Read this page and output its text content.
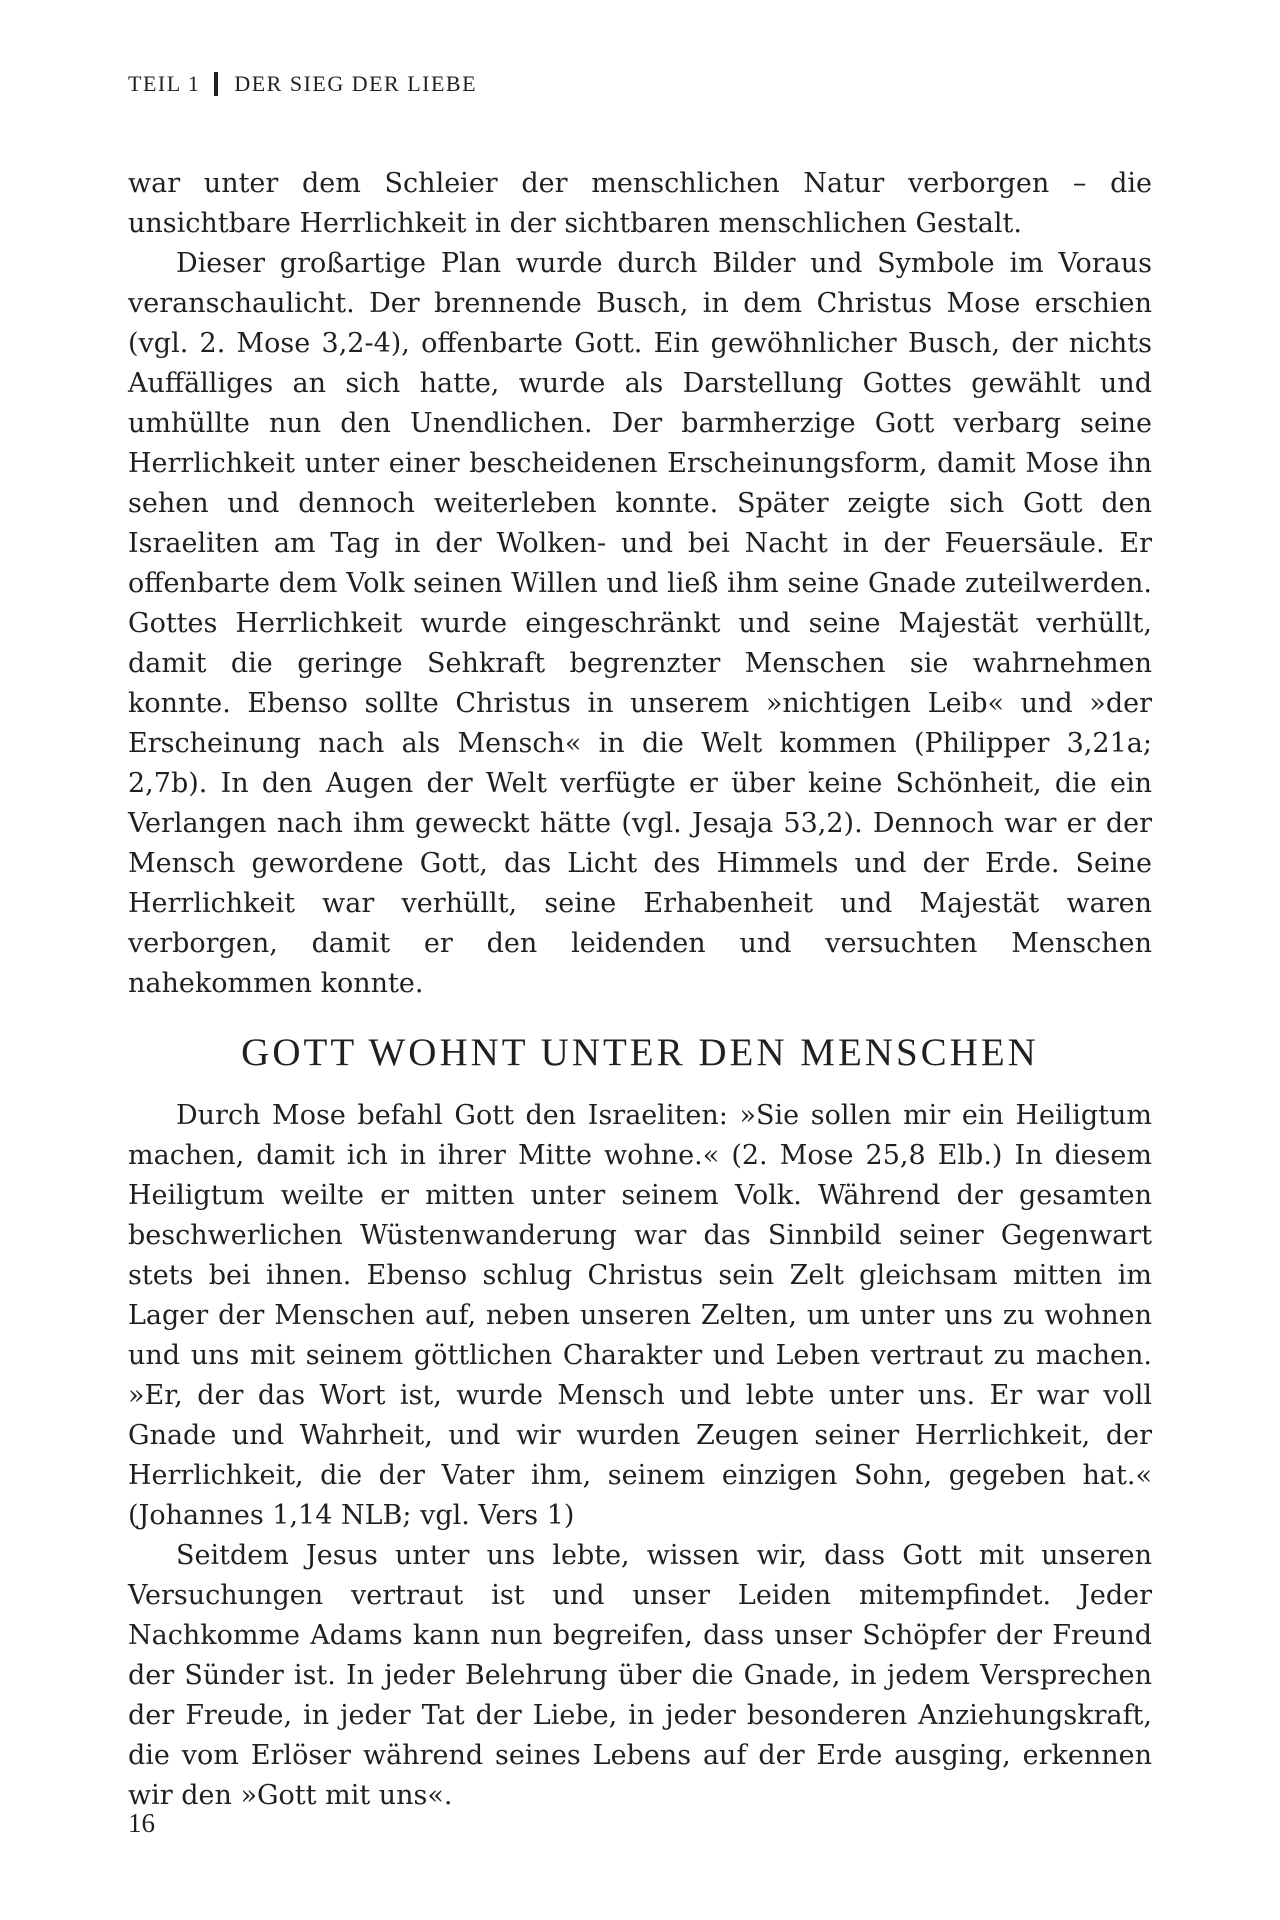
TEIL 1 DER SIEG DER LIEBE

war unter dem Schleier der menschlichen Natur verborgen – die unsichtbare Herrlichkeit in der sichtbaren menschlichen Gestalt.

Dieser großartige Plan wurde durch Bilder und Symbole im Voraus veranschaulicht. Der brennende Busch, in dem Christus Mose erschien (vgl. 2. Mose 3,2-4), offenbarte Gott. Ein gewöhnlicher Busch, der nichts Auffälliges an sich hatte, wurde als Darstellung Gottes gewählt und umhüllte nun den Unendlichen. Der barmherzige Gott verbarg seine Herrlichkeit unter einer bescheidenen Erscheinungsform, damit Mose ihn sehen und dennoch weiterleben konnte. Später zeigte sich Gott den Israeliten am Tag in der Wolken- und bei Nacht in der Feuersäule. Er offenbarte dem Volk seinen Willen und ließ ihm seine Gnade zuteilwerden. Gottes Herrlichkeit wurde eingeschränkt und seine Majestät verhüllt, damit die geringe Sehkraft begrenzter Menschen sie wahrnehmen konnte. Ebenso sollte Christus in unserem »nichtigen Leib« und »der Erscheinung nach als Mensch« in die Welt kommen (Philipper 3,21a; 2,7b). In den Augen der Welt verfügte er über keine Schönheit, die ein Verlangen nach ihm geweckt hätte (vgl. Jesaja 53,2). Dennoch war er der Mensch gewordene Gott, das Licht des Himmels und der Erde. Seine Herrlichkeit war verhüllt, seine Erhabenheit und Majestät waren verborgen, damit er den leidenden und versuchten Menschen nahekommen konnte.

GOTT WOHNT UNTER DEN MENSCHEN

Durch Mose befahl Gott den Israeliten: »Sie sollen mir ein Heiligtum machen, damit ich in ihrer Mitte wohne.« (2. Mose 25,8 Elb.) In diesem Heiligtum weilte er mitten unter seinem Volk. Während der gesamten beschwerlichen Wüstenwanderung war das Sinnbild seiner Gegenwart stets bei ihnen. Ebenso schlug Christus sein Zelt gleichsam mitten im Lager der Menschen auf, neben unseren Zelten, um unter uns zu wohnen und uns mit seinem göttlichen Charakter und Leben vertraut zu machen. »Er, der das Wort ist, wurde Mensch und lebte unter uns. Er war voll Gnade und Wahrheit, und wir wurden Zeugen seiner Herrlichkeit, der Herrlichkeit, die der Vater ihm, seinem einzigen Sohn, gegeben hat.« (Johannes 1,14 NLB; vgl. Vers 1)

Seitdem Jesus unter uns lebte, wissen wir, dass Gott mit unseren Versuchungen vertraut ist und unser Leiden mitempfindet. Jeder Nachkomme Adams kann nun begreifen, dass unser Schöpfer der Freund der Sünder ist. In jeder Belehrung über die Gnade, in jedem Versprechen der Freude, in jeder Tat der Liebe, in jeder besonderen Anziehungskraft, die vom Erlöser während seines Lebens auf der Erde ausging, erkennen wir den »Gott mit uns«.

16
